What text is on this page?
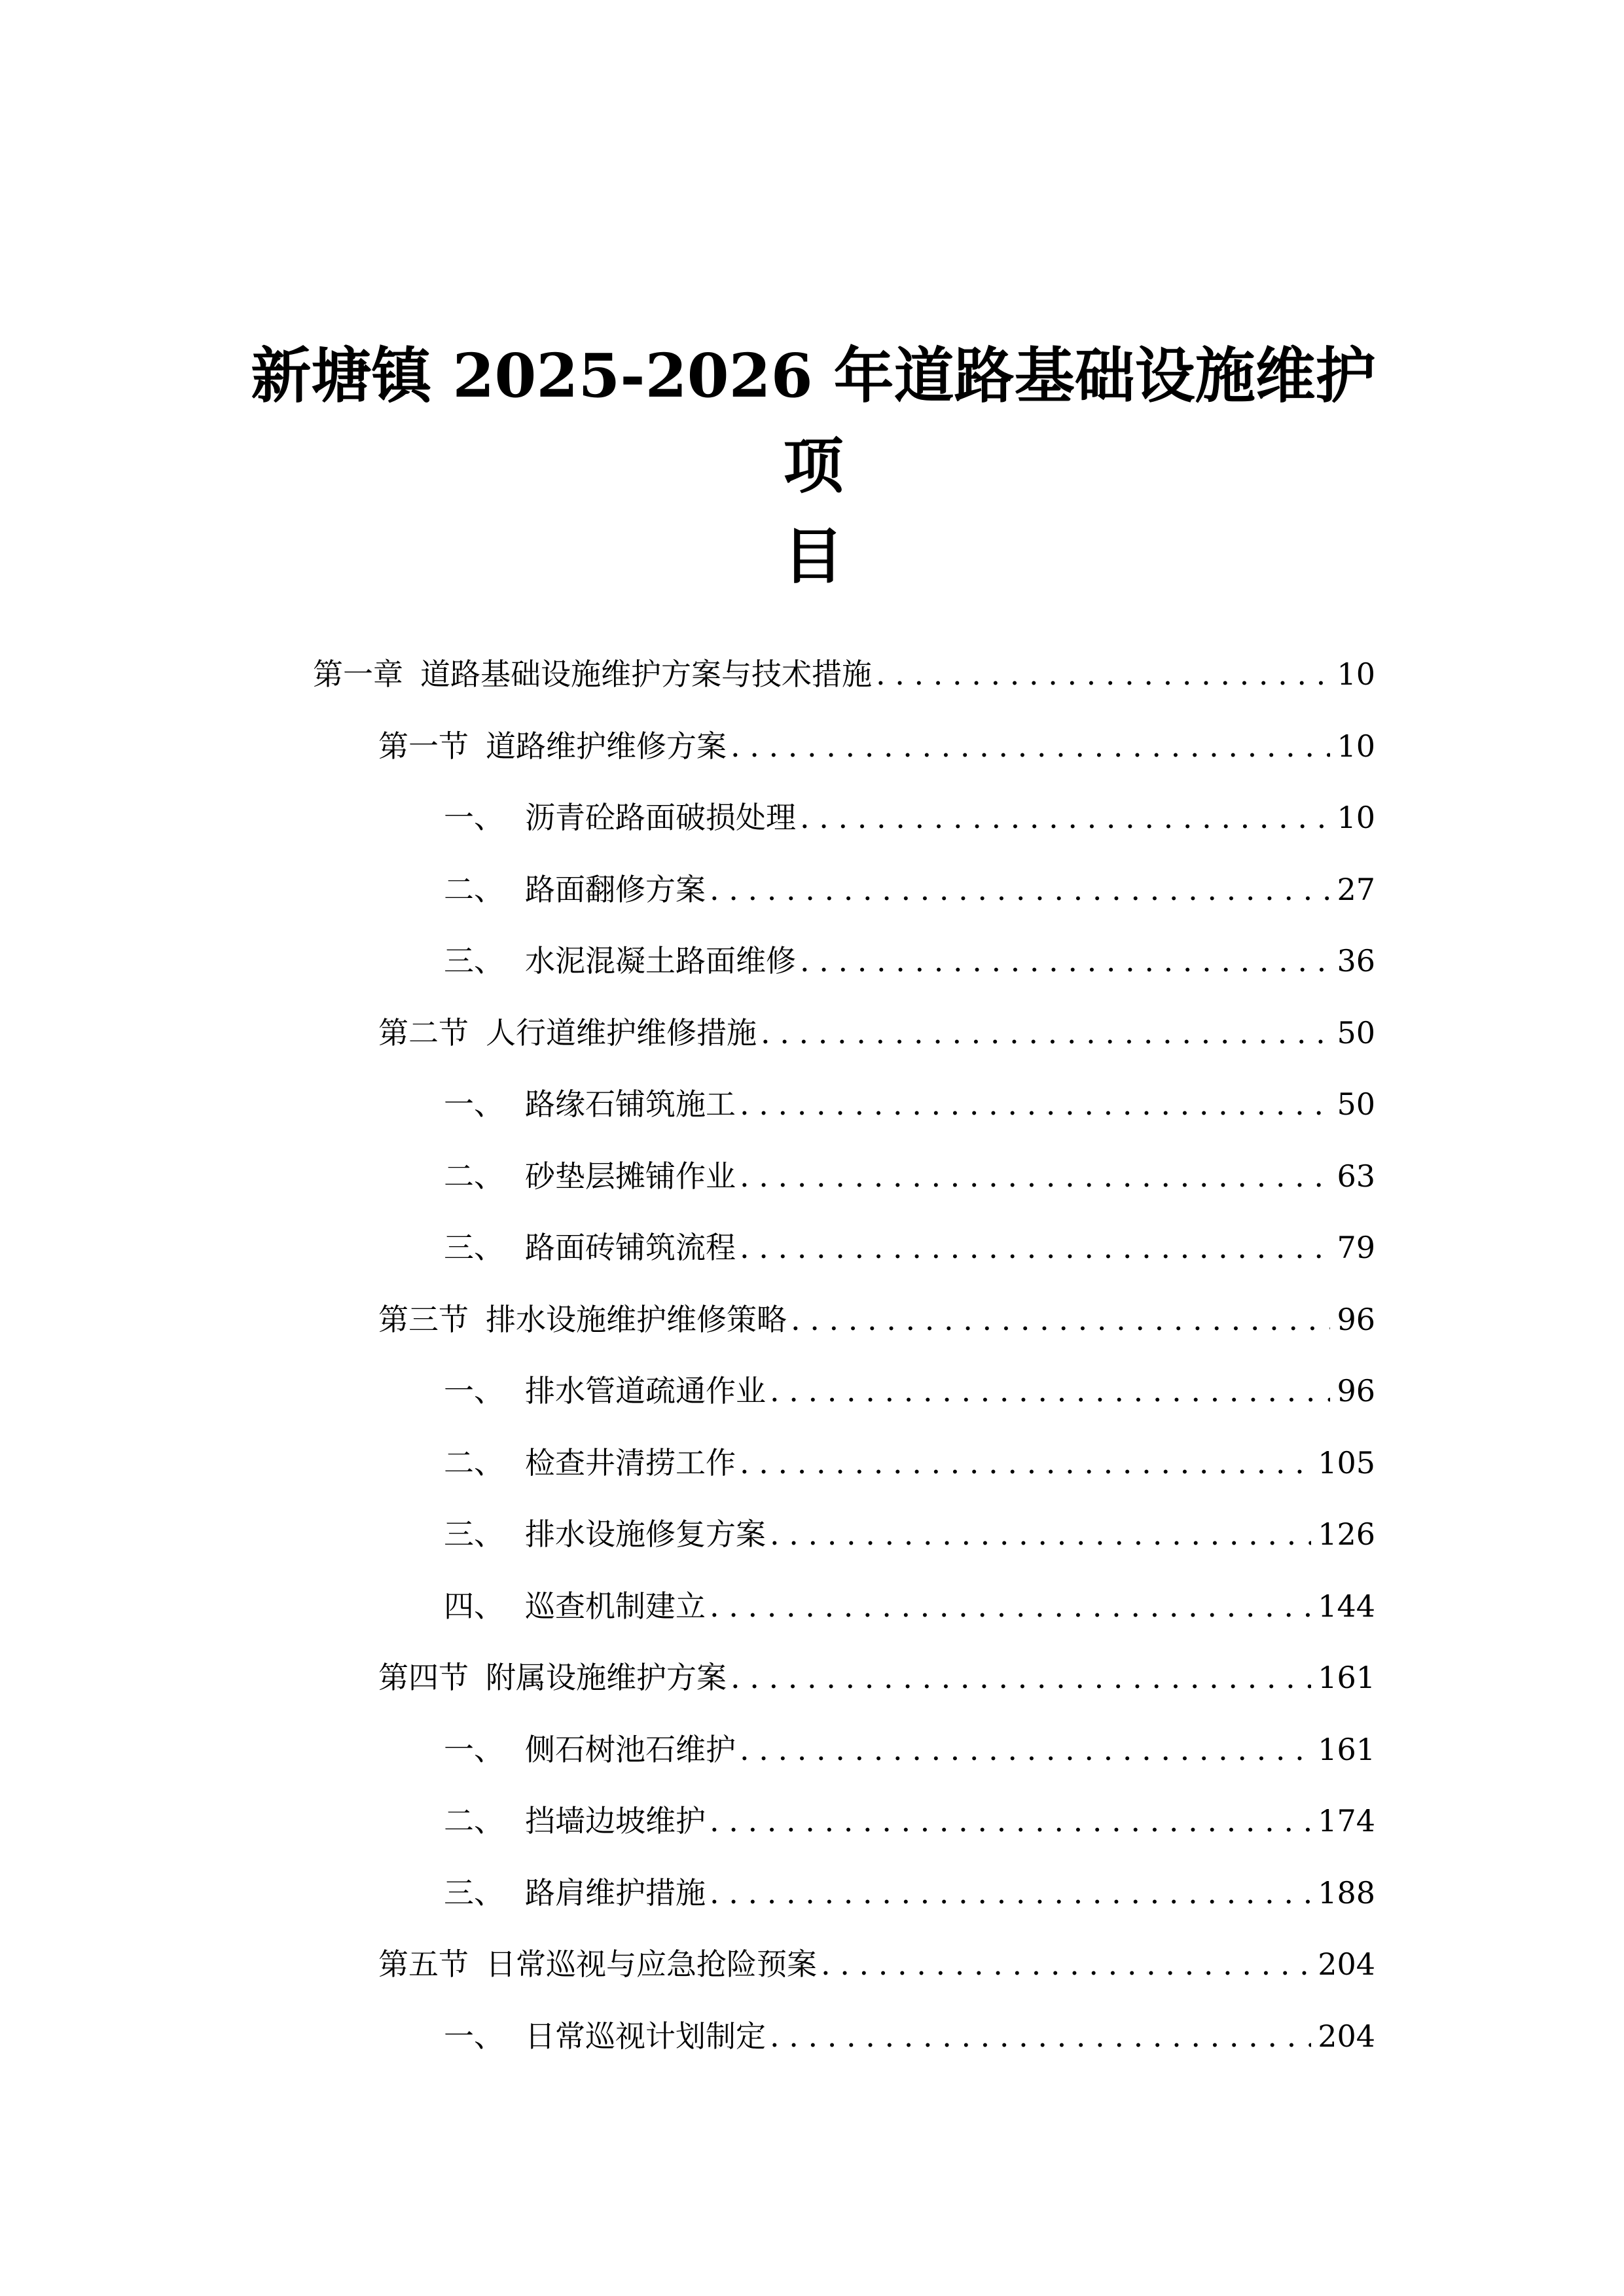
新塘镇 2025-2026 年道路基础设施维护项
目
第一章 道路基础设施维护方案与技术措施 . . .	10
第一节 道路维护维修方案 . . .	10
一、 沥青砼路面破损处理 . . .	10
二、 路面翻修方案 . . .	27
三、 水泥混凝土路面维修 . . .	36
第二节 人行道维护维修措施 . . .	50
一、 路缘石铺筑施工 . . .	50
二、 砂垫层摊铺作业 . . .	63
三、 路面砖铺筑流程 . . .	79
第三节 排水设施维护维修策略 . . .	96
一、 排水管道疏通作业 . . .	96
二、 检查井清捞工作 . . .	105
三、 排水设施修复方案 . . .	126
四、 巡查机制建立 . . .	144
第四节 附属设施维护方案 . . .	161
一、 侧石树池石维护 . . .	161
二、 挡墙边坡维护 . . .	174
三、 路肩维护措施 . . .	188
第五节 日常巡视与应急抢险预案 . . .	204
一、 日常巡视计划制定 . . .	204
